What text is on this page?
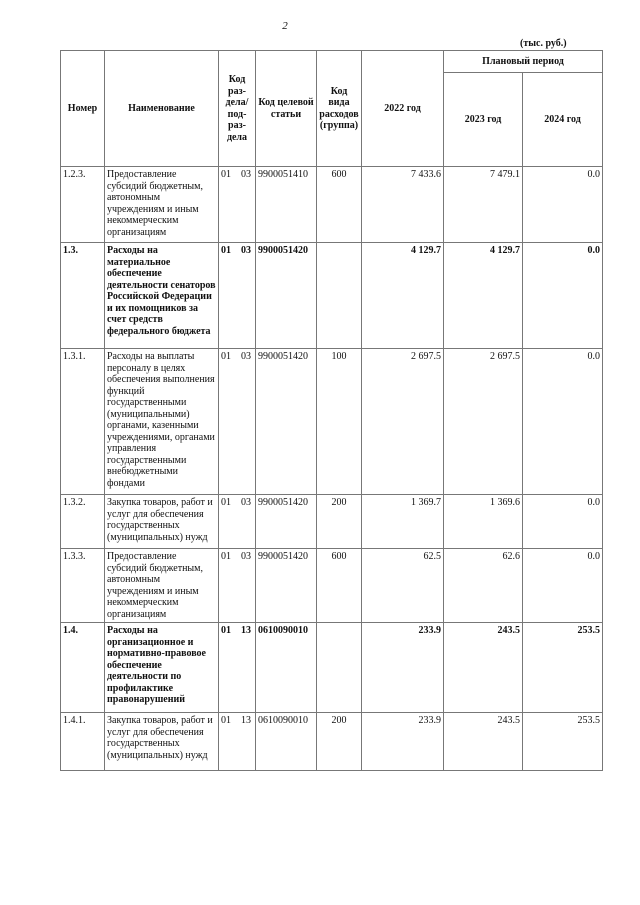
2
(тыс. руб.)
Номер	Наименование	Код раз-дела/ под-раз-дела	Код целевой статьи	Код вида расходов (группа)	2022 год	Плановый период	
						2023 год	2024 год
1.2.3.	Предоставление субсидий бюджетным, автономным учреждениям и иным некоммерческим организациям	01 03	9900051410	600	7 433.6	7 479.1	0.0
1.3.	Расходы на материальное обеспечение деятельности сенаторов Российской Федерации и их помощников за счет средств федерального бюджета	01 03	9900051420		4 129.7	4 129.7	0.0
1.3.1.	Расходы на выплаты персоналу в целях обеспечения выполнения функций государственными (муниципальными) органами, казенными учреждениями, органами управления государственными внебюджетными фондами	01 03	9900051420	100	2 697.5	2 697.5	0.0
1.3.2.	Закупка товаров, работ и услуг для обеспечения государственных (муниципальных) нужд	01 03	9900051420	200	1 369.7	1 369.6	0.0
1.3.3.	Предоставление субсидий бюджетным, автономным учреждениям и иным некоммерческим организациям	01 03	9900051420	600	62.5	62.6	0.0
1.4.	Расходы на организационное и нормативно-правовое обеспечение деятельности по профилактике правонарушений	01 13	0610090010		233.9	243.5	253.5
1.4.1.	Закупка товаров, работ и услуг для обеспечения государственных (муниципальных) нужд	01 13	0610090010	200	233.9	243.5	253.5
